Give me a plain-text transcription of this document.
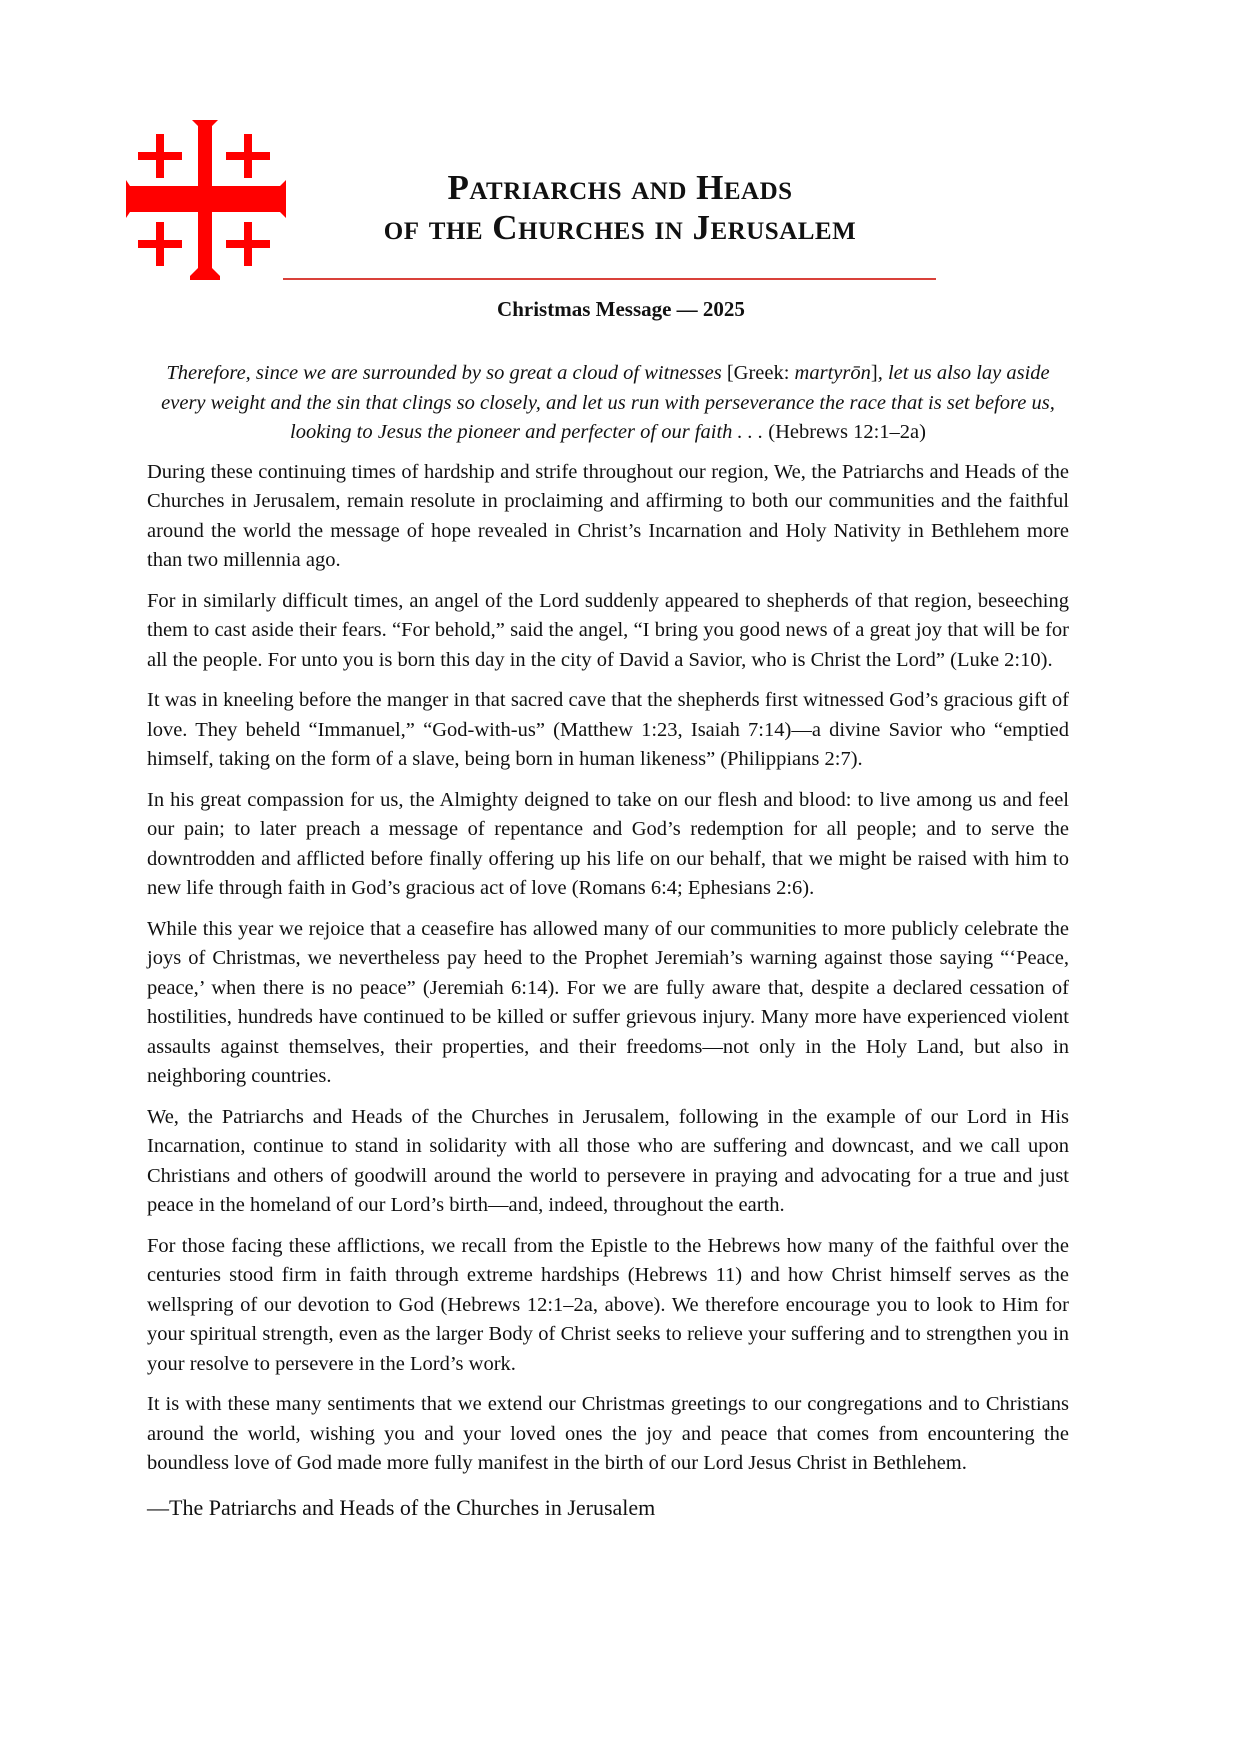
Patriarchs and Heads
of the Churches in Jerusalem
Christmas Message — 2025

Therefore, since we are surrounded by so great a cloud of witnesses [Greek: martyrōn], let us also lay aside every weight and the sin that clings so closely, and let us run with perseverance the race that is set before us, looking to Jesus the pioneer and perfecter of our faith . . . (Hebrews 12:1–2a)

During these continuing times of hardship and strife throughout our region, We, the Patriarchs and Heads of the Churches in Jerusalem, remain resolute in proclaiming and affirming to both our communities and the faithful around the world the message of hope revealed in Christ’s Incarnation and Holy Nativity in Bethlehem more than two millennia ago.

For in similarly difficult times, an angel of the Lord suddenly appeared to shepherds of that region, beseeching them to cast aside their fears. “For behold,” said the angel, “I bring you good news of a great joy that will be for all the people. For unto you is born this day in the city of David a Savior, who is Christ the Lord” (Luke 2:10).

It was in kneeling before the manger in that sacred cave that the shepherds first witnessed God’s gracious gift of love. They beheld “Immanuel,” “God-with-us” (Matthew 1:23, Isaiah 7:14)—a divine Savior who “emptied himself, taking on the form of a slave, being born in human likeness” (Philippians 2:7).

In his great compassion for us, the Almighty deigned to take on our flesh and blood: to live among us and feel our pain; to later preach a message of repentance and God’s redemption for all people; and to serve the downtrodden and afflicted before finally offering up his life on our behalf, that we might be raised with him to new life through faith in God’s gracious act of love (Romans 6:4; Ephesians 2:6).

While this year we rejoice that a ceasefire has allowed many of our communities to more publicly celebrate the joys of Christmas, we nevertheless pay heed to the Prophet Jeremiah’s warning against those saying “‘Peace, peace,’ when there is no peace” (Jeremiah 6:14). For we are fully aware that, despite a declared cessation of hostilities, hundreds have continued to be killed or suffer grievous injury. Many more have experienced violent assaults against themselves, their properties, and their freedoms—not only in the Holy Land, but also in neighboring countries.

We, the Patriarchs and Heads of the Churches in Jerusalem, following in the example of our Lord in His Incarnation, continue to stand in solidarity with all those who are suffering and downcast, and we call upon Christians and others of goodwill around the world to persevere in praying and advocating for a true and just peace in the homeland of our Lord’s birth—and, indeed, throughout the earth.

For those facing these afflictions, we recall from the Epistle to the Hebrews how many of the faithful over the centuries stood firm in faith through extreme hardships (Hebrews 11) and how Christ himself serves as the wellspring of our devotion to God (Hebrews 12:1–2a, above). We therefore encourage you to look to Him for your spiritual strength, even as the larger Body of Christ seeks to relieve your suffering and to strengthen you in your resolve to persevere in the Lord’s work.

It is with these many sentiments that we extend our Christmas greetings to our congregations and to Christians around the world, wishing you and your loved ones the joy and peace that comes from encountering the boundless love of God made more fully manifest in the birth of our Lord Jesus Christ in Bethlehem.

—The Patriarchs and Heads of the Churches in Jerusalem
